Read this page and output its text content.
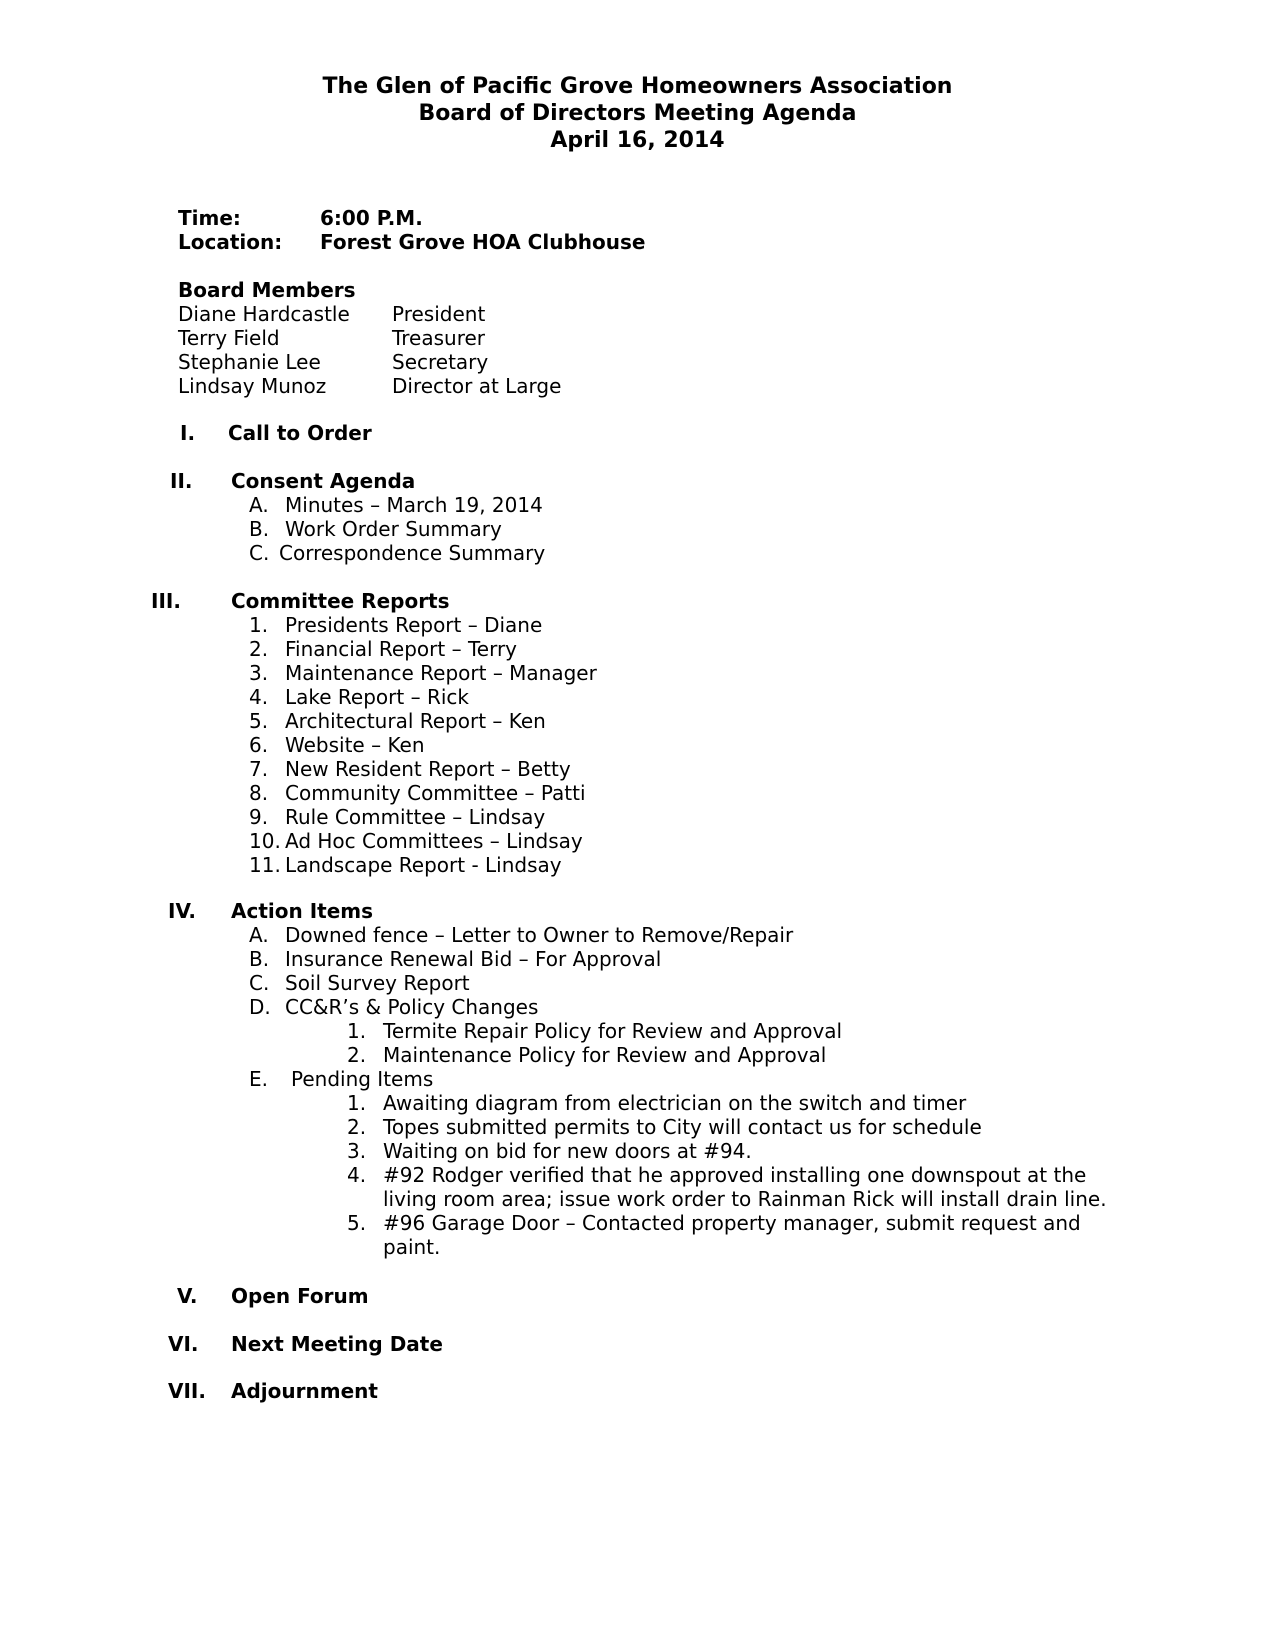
The Glen of Pacific Grove Homeowners Association
Board of Directors Meeting Agenda
April 16, 2014
Time:	6:00 P.M.
Location: Forest Grove HOA Clubhouse
Board Members
Diane Hardcastle President
Terry Field	Treasurer
Stephanie Lee	Secretary
Lindsay Munoz	Director at Large
I. Call to Order
II. Consent Agenda
A. Minutes – March 19, 2014
B. Work Order Summary
C. Correspondence Summary
III.	Committee Reports
1. Presidents Report – Diane
2. Financial Report – Terry
3. Maintenance Report – Manager
4. Lake Report – Rick
5. Architectural Report – Ken
6. Website – Ken
7. New Resident Report – Betty
8. Community Committee – Patti
9. Rule Committee – Lindsay
10. Ad Hoc Committees – Lindsay
11. Landscape Report - Lindsay
IV. Action Items
A. Downed fence – Letter to Owner to Remove/Repair
B. Insurance Renewal Bid – For Approval
C. Soil Survey Report
D. CC&R’s & Policy Changes
1. Termite Repair Policy for Review and Approval
2. Maintenance Policy for Review and Approval
E. Pending Items
1. Awaiting diagram from electrician on the switch and timer
2. Topes submitted permits to City will contact us for schedule
3. Waiting on bid for new doors at #94.
4. #92 Rodger verified that he approved installing one downspout at the
living room area; issue work order to Rainman Rick will install drain line.
5. #96 Garage Door – Contacted property manager, submit request and
paint.
V. Open Forum
VI. Next Meeting Date
VII. Adjournment
